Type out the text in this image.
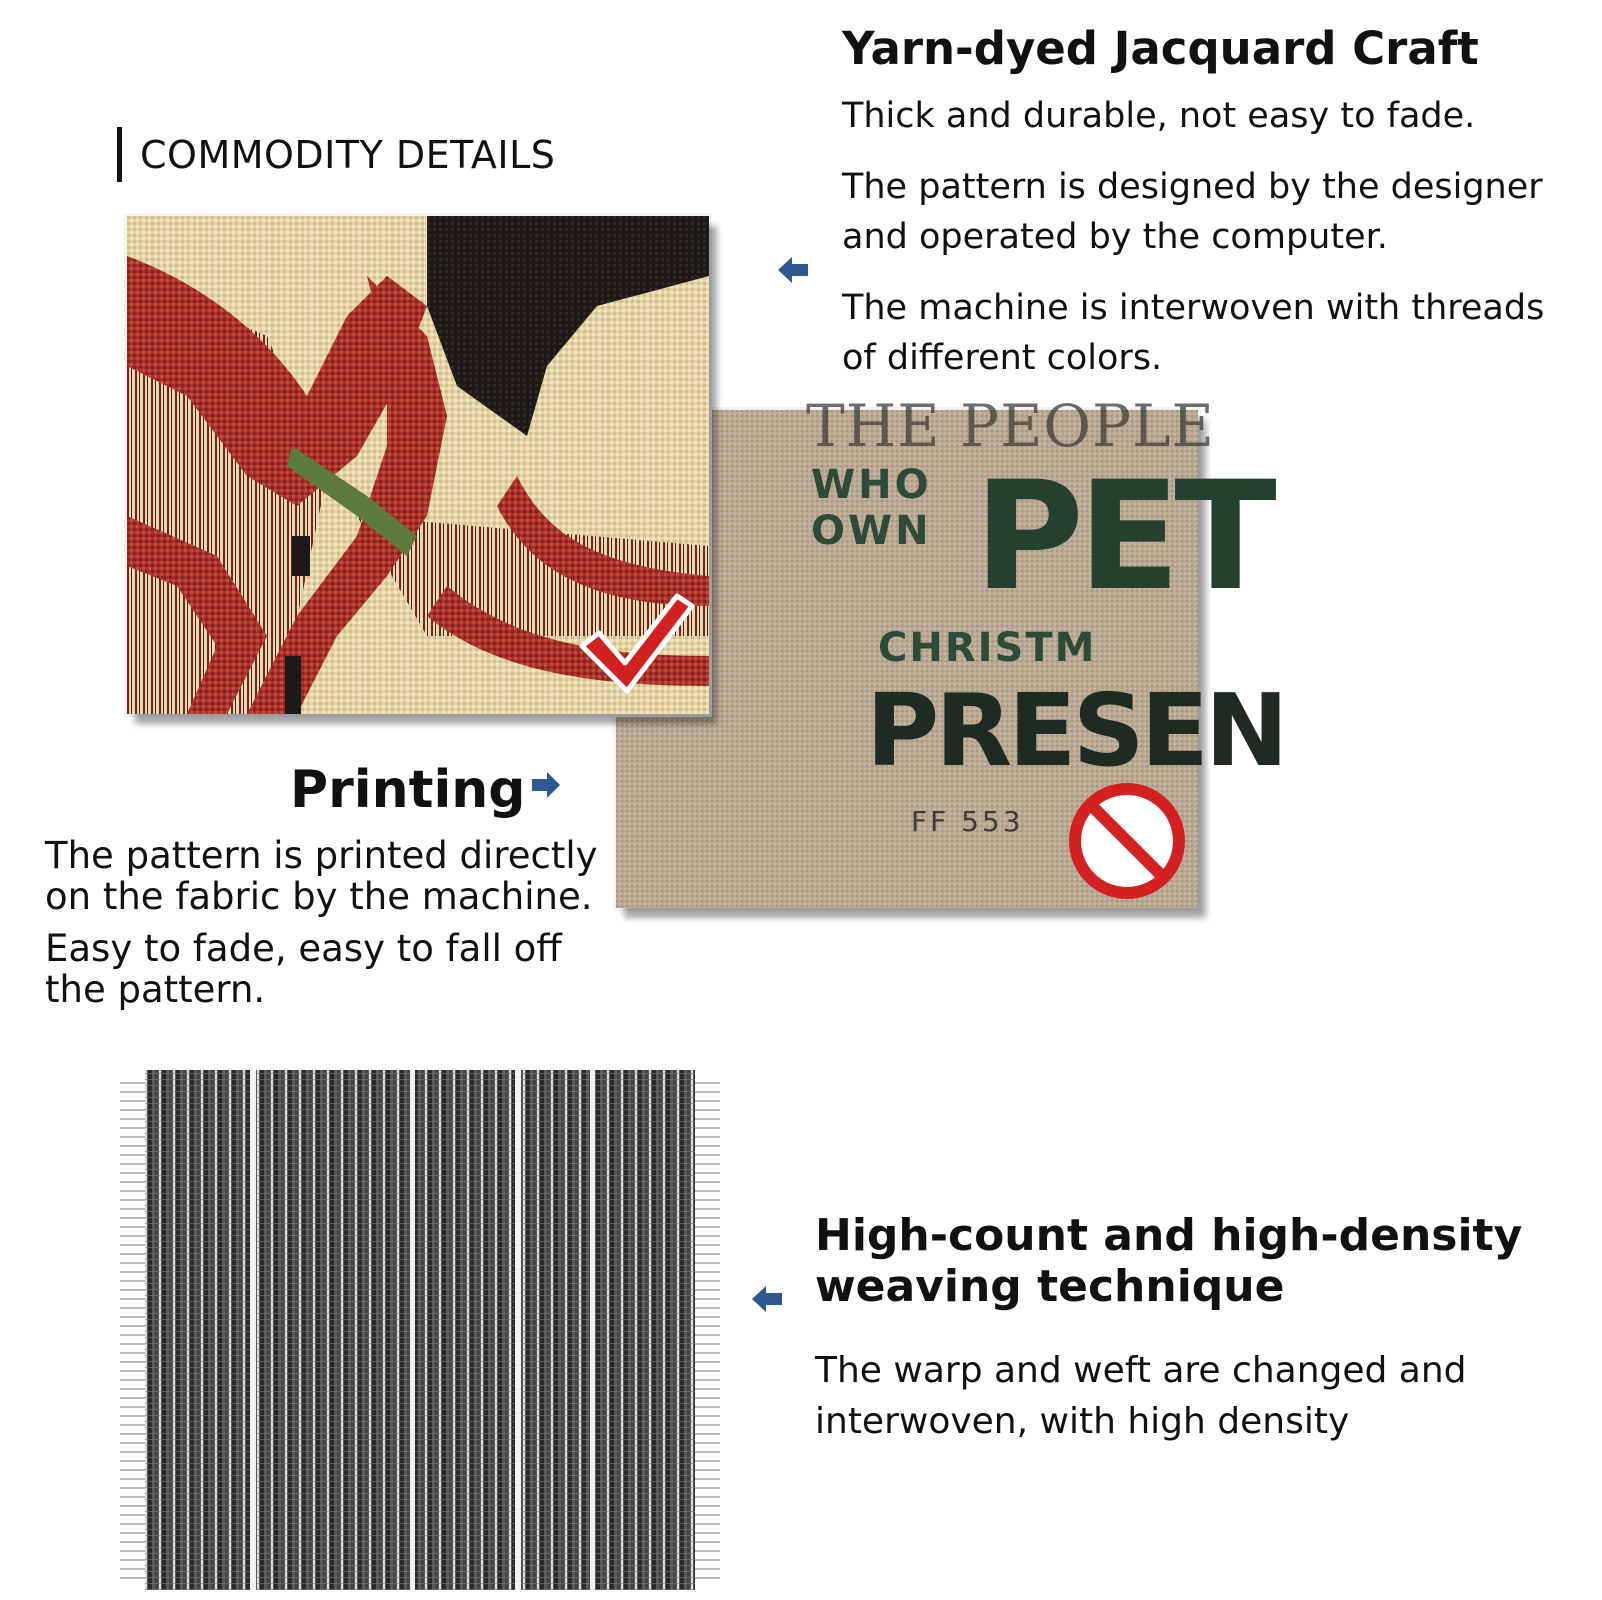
COMMODITY DETAILS
Yarn-dyed Jacquard Craft
Thick and durable, not easy to fade.
The pattern is designed by the designer
and operated by the computer.
The machine is interwoven with threads
of different colors.
THE PEOPLE
WHO
OWN PET
CHRISTM
PRESEN
FF 553
Printing
The pattern is printed directly
on the fabric by the machine.
Easy to fade, easy to fall off
the pattern.
High-count and high-density
weaving technique
The warp and weft are changed and
interwoven, with high density
